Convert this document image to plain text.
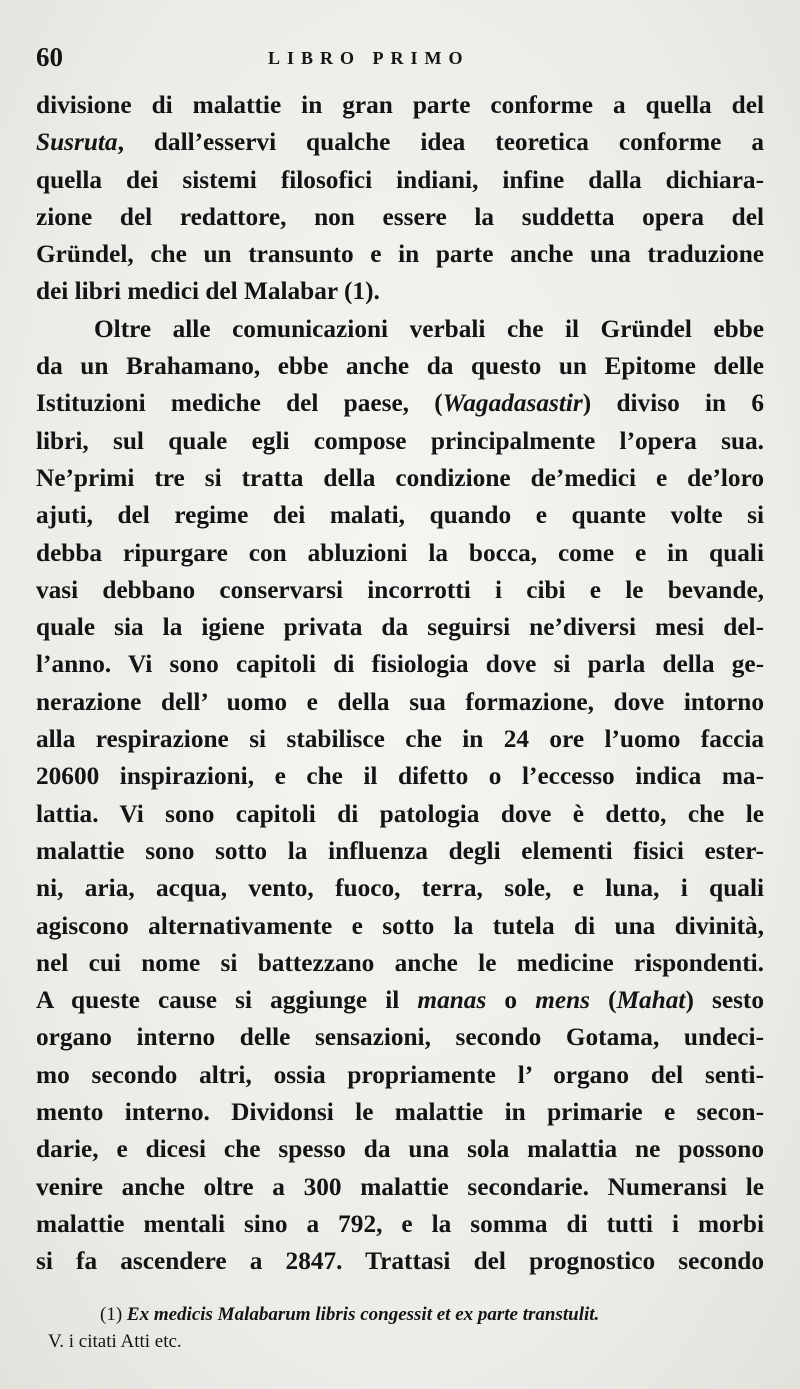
60	LIBRO PRIMO
divisione di malattie in gran parte conforme a quella del
Susruta, dall’esservi qualche idea teoretica conforme a
quella dei sistemi filosofici indiani, infine dalla dichiara-
zione del redattore, non essere la suddetta opera del
Gründel, che un transunto e in parte anche una traduzione
dei libri medici del Malabar (1).
Oltre alle comunicazioni verbali che il Gründel ebbe
da un Brahamano, ebbe anche da questo un Epitome delle
Istituzioni mediche del paese, (Wagadasastir) diviso in 6
libri, sul quale egli compose principalmente l’opera sua.
Ne’primi tre si tratta della condizione de’medici e de’loro
ajuti, del regime dei malati, quando e quante volte si
debba ripurgare con abluzioni la bocca, come e in quali
vasi debbano conservarsi incorrotti i cibi e le bevande,
quale sia la igiene privata da seguirsi ne’diversi mesi del-
l’anno. Vi sono capitoli di fisiologia dove si parla della ge-
nerazione dell’ uomo e della sua formazione, dove intorno
alla respirazione si stabilisce che in 24 ore l’uomo faccia
20600 inspirazioni, e che il difetto o l’eccesso indica ma-
lattia. Vi sono capitoli di patologia dove è detto, che le
malattie sono sotto la influenza degli elementi fisici ester-
ni, aria, acqua, vento, fuoco, terra, sole, e luna, i quali
agiscono alternativamente e sotto la tutela di una divinità,
nel cui nome si battezzano anche le medicine rispondenti.
A queste cause si aggiunge il manas o mens (Mahat) sesto
organo interno delle sensazioni, secondo Gotama, undeci-
mo secondo altri, ossia propriamente l’ organo del senti-
mento interno. Dividonsi le malattie in primarie e secon-
darie, e dicesi che spesso da una sola malattia ne possono
venire anche oltre a 300 malattie secondarie. Numeransi le
malattie mentali sino a 792, e la somma di tutti i morbi
si fa ascendere a 2847. Trattasi del prognostico secondo
(1) Ex medicis Malabarum libris congessit et ex parte transtulit.
V. i citati Atti etc.
